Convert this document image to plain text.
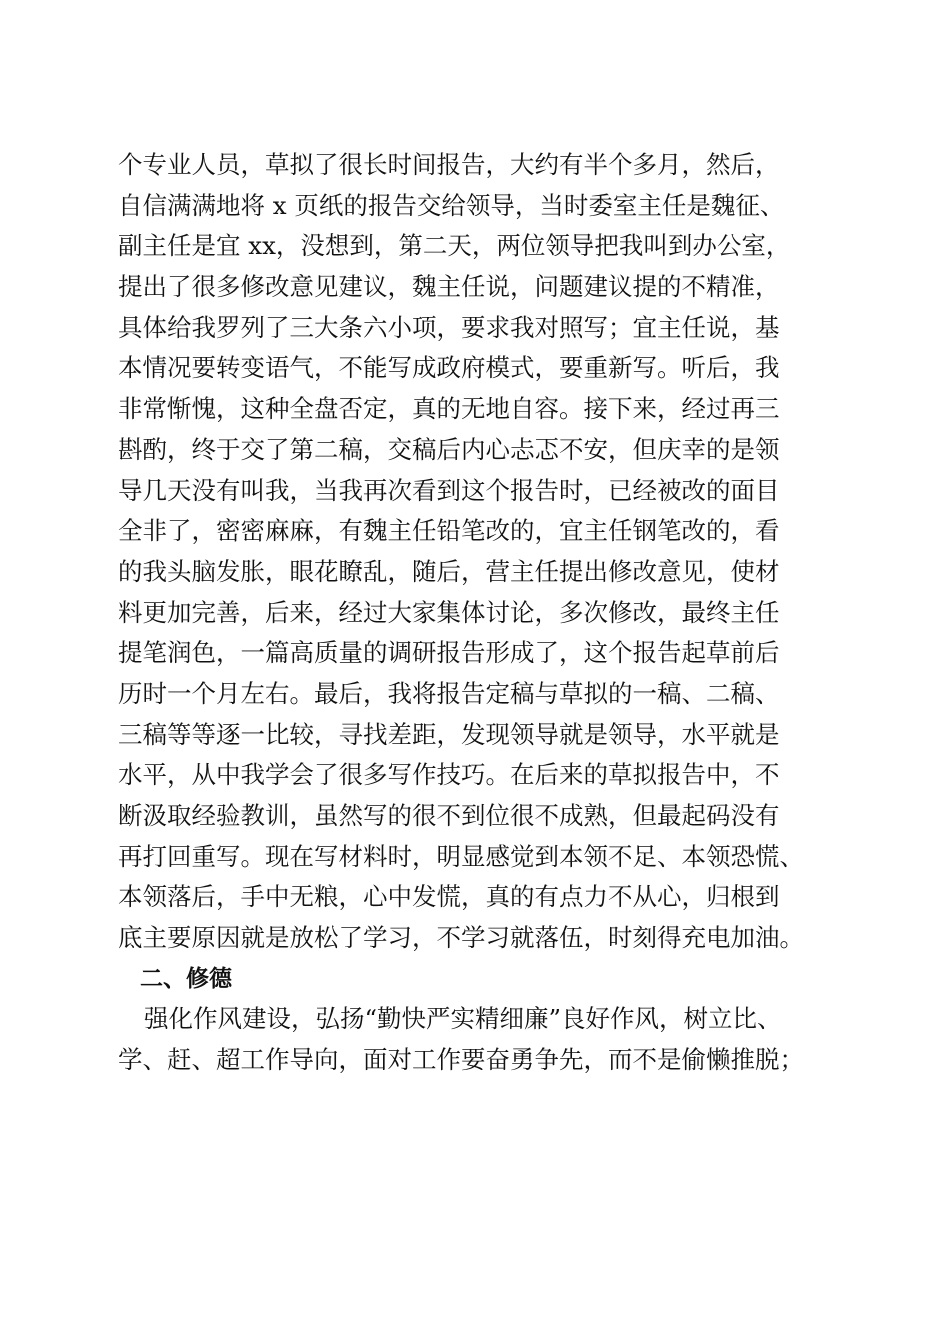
个专业人员，草拟了很长时间报告，大约有半个多月，然后，
自信满满地将 x 页纸的报告交给领导，当时委室主任是魏征、
副主任是宜 xx，没想到，第二天，两位领导把我叫到办公室，
提出了很多修改意见建议，魏主任说，问题建议提的不精准，
具体给我罗列了三大条六小项，要求我对照写；宜主任说，基
本情况要转变语气，不能写成政府模式，要重新写。听后，我
非常惭愧，这种全盘否定，真的无地自容。接下来，经过再三
斟酌，终于交了第二稿，交稿后内心忐忑不安，但庆幸的是领
导几天没有叫我，当我再次看到这个报告时，已经被改的面目
全非了，密密麻麻，有魏主任铅笔改的，宜主任钢笔改的，看
的我头脑发胀，眼花瞭乱，随后，营主任提出修改意见，使材
料更加完善，后来，经过大家集体讨论，多次修改，最终主任
提笔润色，一篇高质量的调研报告形成了，这个报告起草前后
历时一个月左右。最后，我将报告定稿与草拟的一稿、二稿、
三稿等等逐一比较，寻找差距，发现领导就是领导，水平就是
水平，从中我学会了很多写作技巧。在后来的草拟报告中，不
断汲取经验教训，虽然写的很不到位很不成熟，但最起码没有
再打回重写。现在写材料时，明显感觉到本领不足、本领恐慌、
本领落后，手中无粮，心中发慌，真的有点力不从心，归根到
底主要原因就是放松了学习，不学习就落伍，时刻得充电加油。
二、修德
强化作风建设，弘扬“勤快严实精细廉”良好作风，树立比、
学、赶、超工作导向，面对工作要奋勇争先，而不是偷懒推脱；
